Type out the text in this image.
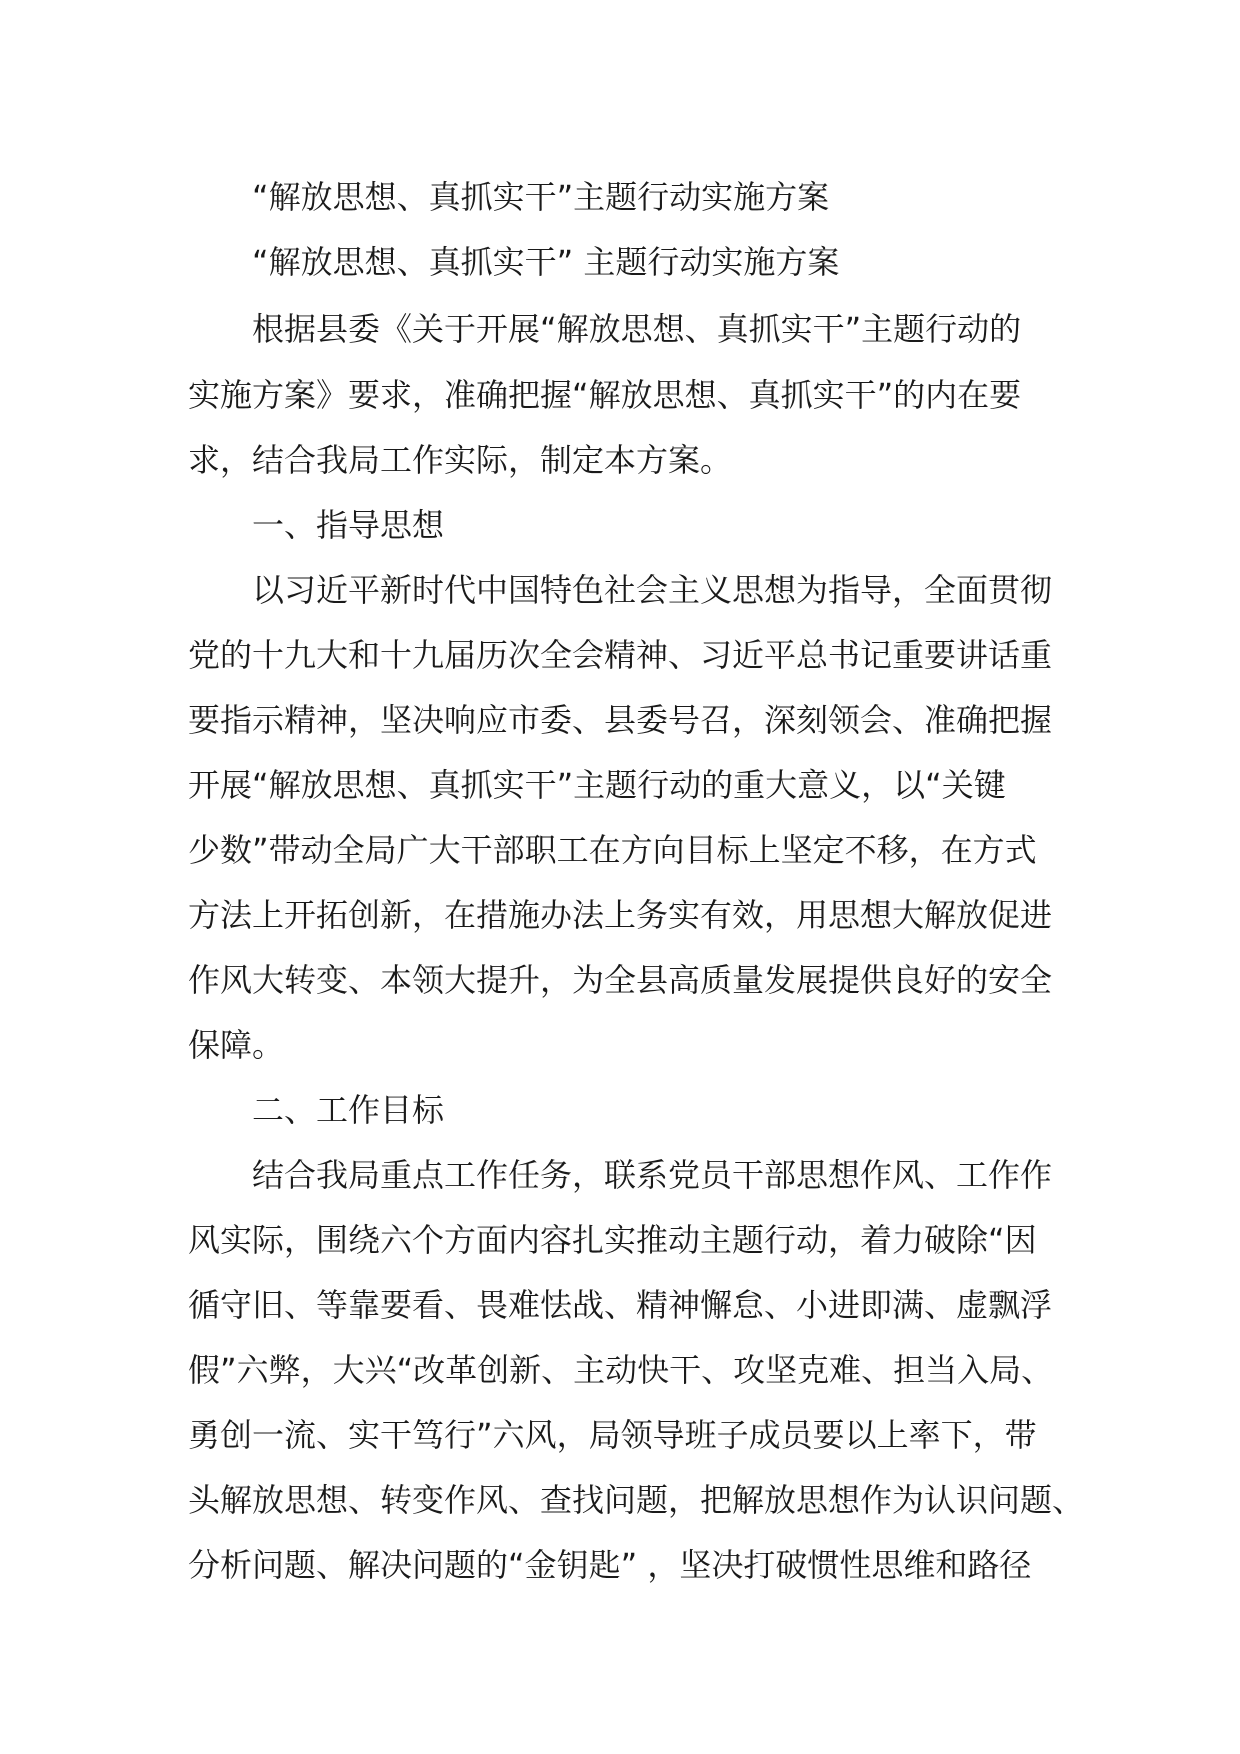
“解放思想、真抓实干”主题行动实施方案
“解放思想、真抓实干” 主题行动实施方案
根据县委《关于开展“解放思想、真抓实干”主题行动的
实施方案》要求，准确把握“解放思想、真抓实干”的内在要
求，结合我局工作实际，制定本方案。
一、指导思想
以习近平新时代中国特色社会主义思想为指导，全面贯彻
党的十九大和十九届历次全会精神、习近平总书记重要讲话重
要指示精神，坚决响应市委、县委号召，深刻领会、准确把握
开展“解放思想、真抓实干”主题行动的重大意义，以“关键
少数”带动全局广大干部职工在方向目标上坚定不移，在方式
方法上开拓创新，在措施办法上务实有效，用思想大解放促进
作风大转变、本领大提升，为全县高质量发展提供良好的安全
保障。
二、工作目标
结合我局重点工作任务，联系党员干部思想作风、工作作
风实际，围绕六个方面内容扎实推动主题行动，着力破除“因
循守旧、等靠要看、畏难怯战、精神懈怠、小进即满、虚飘浮
假”六弊，大兴“改革创新、主动快干、攻坚克难、担当入局、
勇创一流、实干笃行”六风，局领导班子成员要以上率下，带
头解放思想、转变作风、查找问题，把解放思想作为认识问题、
分析问题、解决问题的“金钥匙” ，坚决打破惯性思维和路径
